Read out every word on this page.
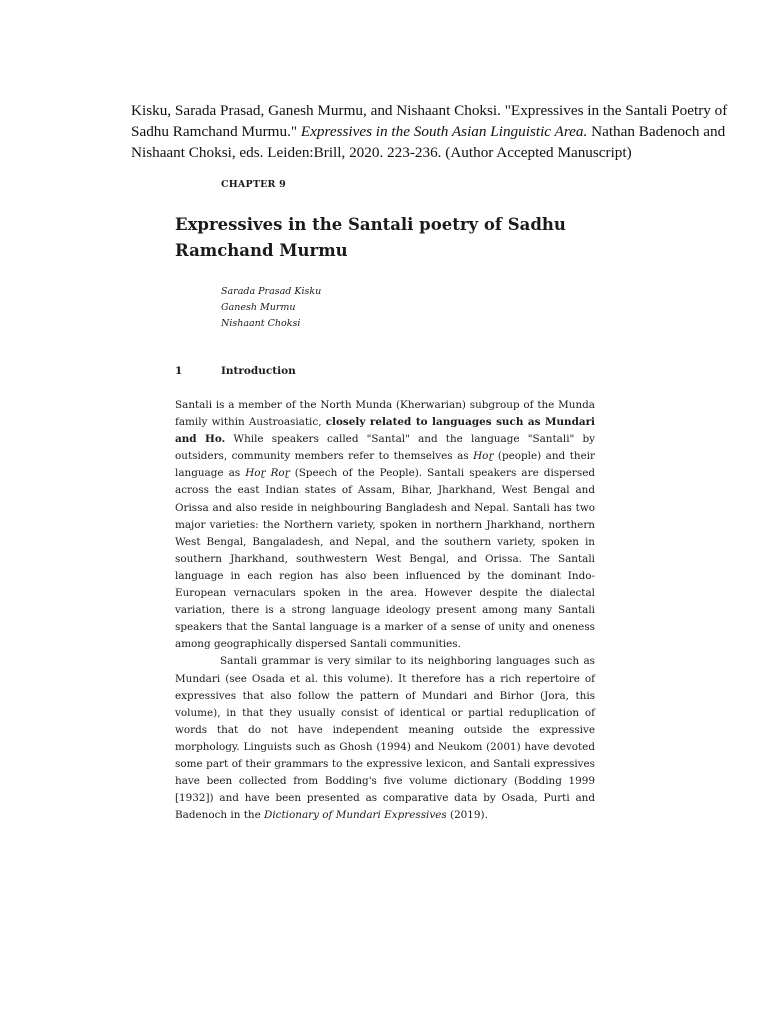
Kisku, Sarada Prasad, Ganesh Murmu, and Nishaant Choksi. "Expressives in the Santali Poetry of Sadhu Ramchand Murmu." Expressives in the South Asian Linguistic Area. Nathan Badenoch and Nishaant Choksi, eds. Leiden:Brill, 2020. 223-236. (Author Accepted Manuscript)
CHAPTER 9
Expressives in the Santali poetry of Sadhu
Ramchand Murmu
Sarada Prasad Kisku
Ganesh Murmu
Nishaant Choksi
1	Introduction

Santali is a member of the North Munda (Kherwarian) subgroup of the Munda family within Austroasiatic, closely related to languages such as Mundari and Ho. While speakers called "Santal" and the language "Santali" by outsiders, community members refer to themselves as Hoɽ (people) and their language as Hoɽ Roɽ (Speech of the People). Santali speakers are dispersed across the east Indian states of Assam, Bihar, Jharkhand, West Bengal and Orissa and also reside in neighbouring Bangladesh and Nepal. Santali has two major varieties: the Northern variety, spoken in northern Jharkhand, northern West Bengal, Bangaladesh, and Nepal, and the southern variety, spoken in southern Jharkhand, southwestern West Bengal, and Orissa. The Santali language in each region has also been influenced by the dominant Indo-European vernaculars spoken in the area. However despite the dialectal variation, there is a strong language ideology present among many Santali speakers that the Santal language is a marker of a sense of unity and oneness among geographically dispersed Santali communities.

Santali grammar is very similar to its neighboring languages such as Mundari (see Osada et al. this volume). It therefore has a rich repertoire of expressives that also follow the pattern of Mundari and Birhor (Jora, this volume), in that they usually consist of identical or partial reduplication of words that do not have independent meaning outside the expressive morphology. Linguists such as Ghosh (1994) and Neukom (2001) have devoted some part of their grammars to the expressive lexicon, and Santali expressives have been collected from Bodding's five volume dictionary (Bodding 1999 [1932]) and have been presented as comparative data by Osada, Purti and Badenoch in the Dictionary of Mundari Expressives (2019).
